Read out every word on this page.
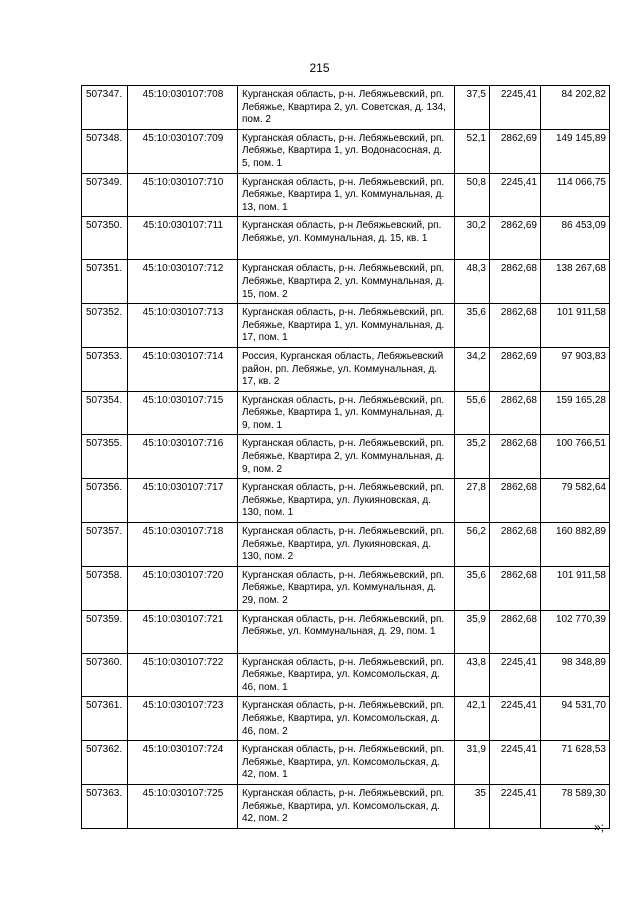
215
507347.	45:10:030107:708	Курганская область, р-н. Лебяжьевский, рп. Лебяжье, Квартира 2, ул. Советская, д. 134, пом. 2	37,5	2245,41	84 202,82
507348.	45:10:030107:709	Курганская область, р-н. Лебяжьевский, рп. Лебяжье, Квартира 1, ул. Водонасосная, д. 5, пом. 1	52,1	2862,69	149 145,89
507349.	45:10:030107:710	Курганская область, р-н. Лебяжьевский, рп. Лебяжье, Квартира 1, ул. Коммунальная, д. 13, пом. 1	50,8	2245,41	114 066,75
507350.	45:10:030107:711	Курганская область, р-н Лебяжьевский, рп. Лебяжье, ул. Коммунальная, д. 15, кв. 1	30,2	2862,69	86 453,09
507351.	45:10:030107:712	Курганская область, р-н. Лебяжьевский, рп. Лебяжье, Квартира 2, ул. Коммунальная, д. 15, пом. 2	48,3	2862,68	138 267,68
507352.	45:10:030107:713	Курганская область, р-н. Лебяжьевский, рп. Лебяжье, Квартира 1, ул. Коммунальная, д. 17, пом. 1	35,6	2862,68	101 911,58
507353.	45:10:030107:714	Россия, Курганская область, Лебяжьевский район, рп. Лебяжье, ул. Коммунальная, д. 17, кв. 2	34,2	2862,69	97 903,83
507354.	45:10:030107:715	Курганская область, р-н. Лебяжьевский, рп. Лебяжье, Квартира 1, ул. Коммунальная, д. 9, пом. 1	55,6	2862,68	159 165,28
507355.	45:10:030107:716	Курганская область, р-н. Лебяжьевский, рп. Лебяжье, Квартира 2, ул. Коммунальная, д. 9, пом. 2	35,2	2862,68	100 766,51
507356.	45:10:030107:717	Курганская область, р-н. Лебяжьевский, рп. Лебяжье, Квартира, ул. Лукияновская, д. 130, пом. 1	27,8	2862,68	79 582,64
507357.	45:10:030107:718	Курганская область, р-н. Лебяжьевский, рп. Лебяжье, Квартира, ул. Лукияновская, д. 130, пом. 2	56,2	2862,68	160 882,89
507358.	45:10:030107:720	Курганская область, р-н. Лебяжьевский, рп. Лебяжье, Квартира, ул. Коммунальная, д. 29, пом. 2	35,6	2862,68	101 911,58
507359.	45:10:030107:721	Курганская область, р-н. Лебяжьевский, рп. Лебяжье, ул. Коммунальная, д. 29, пом. 1	35,9	2862,68	102 770,39
507360.	45:10:030107:722	Курганская область, р-н. Лебяжьевский, рп. Лебяжье, Квартира, ул. Комсомольская, д. 46, пом. 1	43,8	2245,41	98 348,89
507361.	45:10:030107:723	Курганская область, р-н. Лебяжьевский, рп. Лебяжье, Квартира, ул. Комсомольская, д. 46, пом. 2	42,1	2245,41	94 531,70
507362.	45:10:030107:724	Курганская область, р-н. Лебяжьевский, рп. Лебяжье, Квартира, ул. Комсомольская, д. 42, пом. 1	31,9	2245,41	71 628,53
507363.	45:10:030107:725	Курганская область, р-н. Лебяжьевский, рп. Лебяжье, Квартира, ул. Комсомольская, д. 42, пом. 2	35	2245,41	78 589,30
»;
